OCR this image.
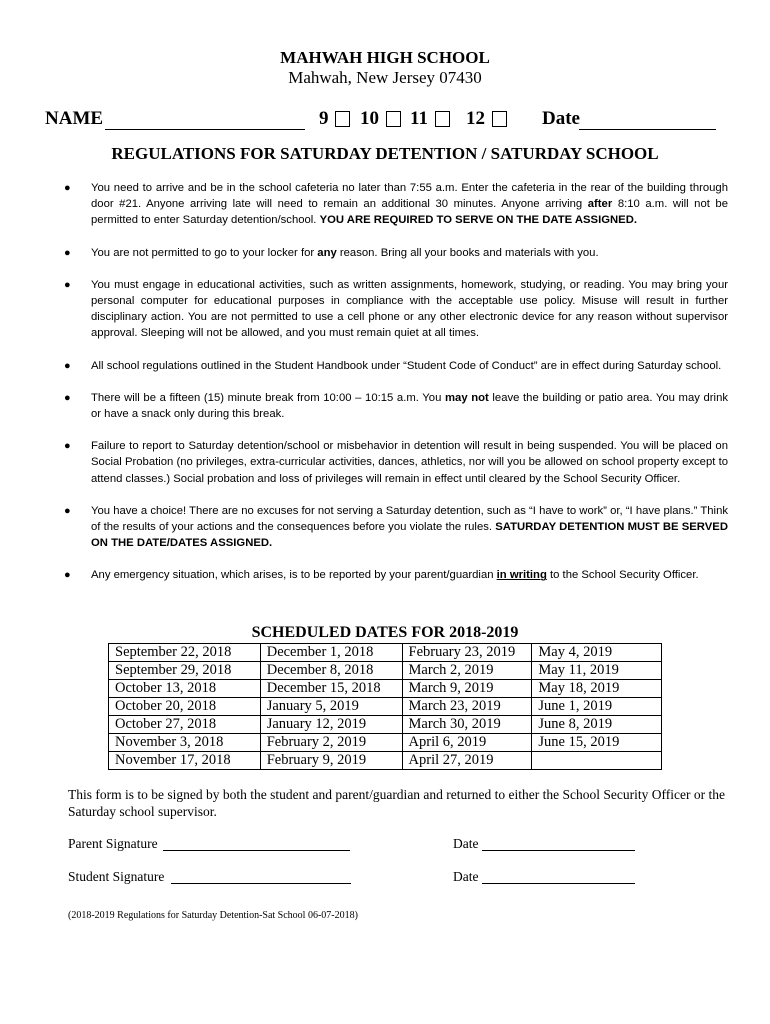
MAHWAH HIGH SCHOOL
Mahwah, New Jersey 07430
NAME	9 10 11 12	Date
REGULATIONS FOR SATURDAY DETENTION / SATURDAY SCHOOL
● You need to arrive and be in the school cafeteria no later than 7:55 a.m. Enter the cafeteria in the rear of the building through door #21. Anyone arriving late will need to remain an additional 30 minutes. Anyone arriving after 8:10 a.m. will not be permitted to enter Saturday detention/school. YOU ARE REQUIRED TO SERVE ON THE DATE ASSIGNED.
● You are not permitted to go to your locker for any reason. Bring all your books and materials with you.
● You must engage in educational activities, such as written assignments, homework, studying, or reading. You may bring your personal computer for educational purposes in compliance with the acceptable use policy. Misuse will result in further disciplinary action. You are not permitted to use a cell phone or any other electronic device for any reason without supervisor approval. Sleeping will not be allowed, and you must remain quiet at all times.
● All school regulations outlined in the Student Handbook under “Student Code of Conduct” are in effect during Saturday school.
● There will be a fifteen (15) minute break from 10:00 – 10:15 a.m. You may not leave the building or patio area. You may drink or have a snack only during this break.
● Failure to report to Saturday detention/school or misbehavior in detention will result in being suspended. You will be placed on Social Probation (no privileges, extra-curricular activities, dances, athletics, nor will you be allowed on school property except to attend classes.) Social probation and loss of privileges will remain in effect until cleared by the School Security Officer.
● You have a choice! There are no excuses for not serving a Saturday detention, such as “I have to work” or, “I have plans.” Think of the results of your actions and the consequences before you violate the rules. SATURDAY DETENTION MUST BE SERVED ON THE DATE/DATES ASSIGNED.
● Any emergency situation, which arises, is to be reported by your parent/guardian in writing to the School Security Officer.
SCHEDULED DATES FOR 2018-2019
September 22, 2018	December 1, 2018	February 23, 2019	May 4, 2019
September 29, 2018	December 8, 2018	March 2, 2019	May 11, 2019
October 13, 2018	December 15, 2018	March 9, 2019	May 18, 2019
October 20, 2018	January 5, 2019	March 23, 2019	June 1, 2019
October 27, 2018	January 12, 2019	March 30, 2019	June 8, 2019
November 3, 2018	February 2, 2019	April 6, 2019	June 15, 2019
November 17, 2018	February 9, 2019	April 27, 2019	
This form is to be signed by both the student and parent/guardian and returned to either the School Security Officer or the Saturday school supervisor.
Parent Signature	Date
Student Signature	Date
(2018-2019 Regulations for Saturday Detention-Sat School 06-07-2018)
